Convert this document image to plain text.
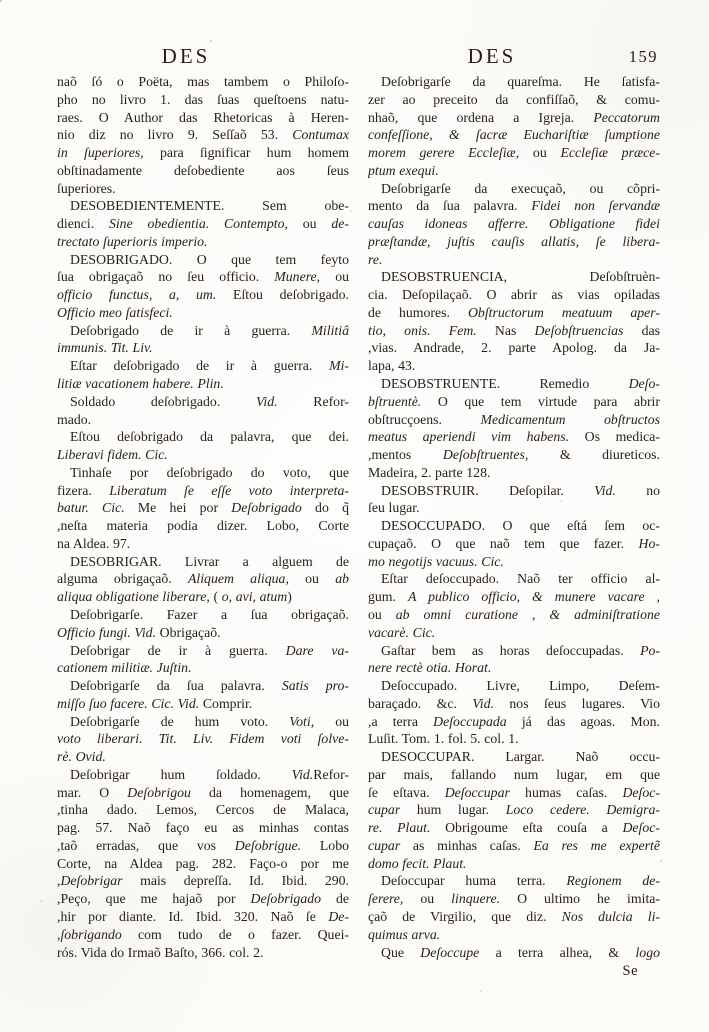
DES	DES	159
naõ ſó o Poëta, mas tambem o Philoſo-
pho no livro 1. das ſuas queſtoens natu-
raes. O Author das Rhetoricas à Heren-
nio diz no livro 9. Seſſaõ 53. Contumax
in ſuperiores, para ſignificar hum homem
obſtinadamente deſobediente aos ſeus
ſuperiores.
DESOBEDIENTEMENTE. Sem obe-
dienci. Sine obedientia. Contempto, ou de-
trectato ſuperioris imperio.
DESOBRIGADO. O que tem feyto
ſua obrigaçaõ no ſeu officio. Munere, ou
officio functus, a, um. Eſtou deſobrigado.
Officio meo ſatisfeci.
Deſobrigado de ir à guerra. Militiâ
immunis. Tit. Liv.
Eſtar deſobrigado de ir à guerra. Mi-
litiæ vacationem habere. Plin.
Soldado deſobrigado. Vid. Refor-
mado.
Eſtou deſobrigado da palavra, que dei.
Liberavi fidem. Cic.
Tinhaſe por deſobrigado do voto, que
fizera. Liberatum ſe eſſe voto interpreta-
batur. Cic. Me hei por Deſobrigado do q̃
,neſta materia podia dizer. Lobo, Corte
na Aldea. 97.
DESOBRIGAR. Livrar a alguem de
alguma obrigaçaõ. Aliquem aliqua, ou ab
aliqua obligatione liberare, ( o, avi, atum)
Deſobrigarſe. Fazer a ſua obrigaçaõ.
Officio fungi. Vid. Obrigaçaõ.
Deſobrigar de ir à guerra. Dare va-
cationem militiæ. Juſtin.
Deſobrigarſe da ſua palavra. Satis pro-
miſſo ſuo facere. Cic. Vid. Comprir.
Deſobrigarſe de hum voto. Voti, ou
voto liberari. Tit. Liv. Fidem voti ſolve-
rè. Ovid.
Deſobrigar hum ſoldado. Vid.Refor-
mar. O Deſobrigou da homenagem, que
,tinha dado. Lemos, Cercos de Malaca,
pag. 57. Naõ faço eu as minhas contas
,taõ erradas, que vos Deſobrigue. Lobo
Corte, na Aldea pag. 282. Faço-o por me
,Deſobrigar mais depreſſa. Id. Ibid. 290.
,Peço, que me hajaõ por Deſobrigado de
,hir por diante. Id. Ibid. 320. Naõ ſe De-
,ſobrigando com tudo de o fazer. Quei-
rós. Vida do Irmaõ Baſto, 366. col. 2.
Deſobrigarſe da quareſma. He ſatisfa-
zer ao preceito da confiſſaõ, & comu-
nhaõ, que ordena a Igreja. Peccatorum
confeſſione, & ſacræ Euchariſtiæ ſumptione
morem gerere Eccleſiæ, ou Eccleſiæ præce-
ptum exequi.
Deſobrigarſe da execuçaõ, ou cõpri-
mento da ſua palavra. Fidei non ſervandæ
cauſas idoneas afferre. Obligatione fidei
præſtandæ, juſtis cauſis allatis, ſe libera-
re.
DESOBSTRUENCIA, Deſobſtruèn-
cia. Deſopilaçaõ. O abrir as vias opiladas
de humores. Obſtructorum meatuum aper-
tio, onis. Fem. Nas Deſobſtruencias das
,vias. Andrade, 2. parte Apolog. da Ja-
lapa, 43.
DESOBSTRUENTE. Remedio Deſo-
bſtruentè. O que tem virtude para abrir
obſtrucçoens. Medicamentum obſtructos
meatus aperiendi vim habens. Os medica-
,mentos Deſobſtruentes, & diureticos.
Madeira, 2. parte 128.
DESOBSTRUIR. Deſopilar. Vid. no
ſeu lugar.
DESOCCUPADO. O que eſtá ſem oc-
cupaçaõ. O que naõ tem que fazer. Ho-
mo negotijs vacuus. Cic.
Eſtar deſoccupado. Naõ ter officio al-
gum. A publico officio, & munere vacare ,
ou ab omni curatione , & adminiſtratione
vacarè. Cic.
Gaſtar bem as horas deſoccupadas. Po-
nere rectè otia. Horat.
Deſoccupado. Livre, Limpo, Deſem-
baraçado. &c. Vid. nos ſeus lugares. Vio
,a terra Deſoccupada já das agoas. Mon.
Luſit. Tom. 1. fol. 5. col. 1.
DESOCCUPAR. Largar. Naõ occu-
par mais, fallando num lugar, em que
ſe eſtava. Deſoccupar humas caſas. Deſoc-
cupar hum lugar. Loco cedere. Demigra-
re. Plaut. Obrigoume eſta couſa a Deſoc-
cupar as minhas caſas. Ea res me expertẽ
domo fecit. Plaut.
Deſoccupar huma terra. Regionem de-
ſerere, ou linquere. O ultimo he imita-
çaõ de Virgilio, que diz. Nos dulcia li-
quimus arva.
Que Deſoccupe a terra alhea, & logo
Se
